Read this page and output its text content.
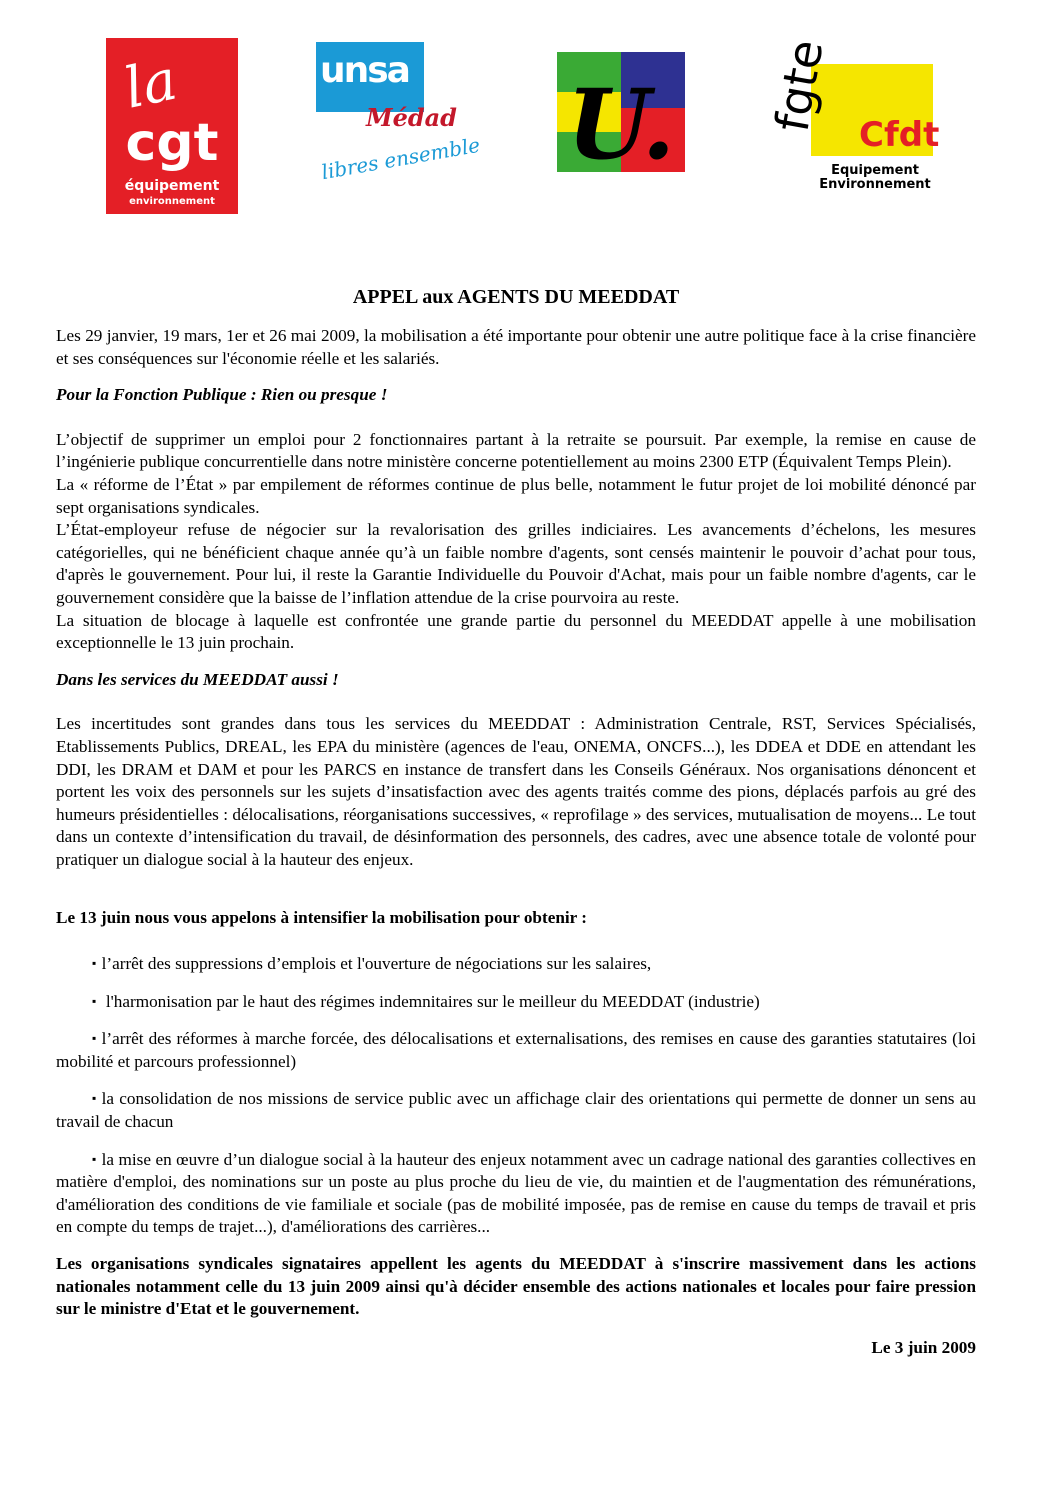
la
cgt
équipement
environnement
unsa
Médad
libres ensemble U. fgte Cfdt
Equipement
Environnement
APPEL aux AGENTS DU MEEDDAT

Les 29 janvier, 19 mars, 1er et 26 mai 2009, la mobilisation a été importante pour obtenir une autre politique face à la crise financière et ses conséquences sur l'économie réelle et les salariés.

Pour la Fonction Publique : Rien ou presque !

L’objectif de supprimer un emploi pour 2 fonctionnaires partant à la retraite se poursuit. Par exemple, la remise en cause de l’ingénierie publique concurrentielle dans notre ministère concerne potentiellement au moins 2300 ETP (Équivalent Temps Plein).

La « réforme de l’État » par empilement de réformes continue de plus belle, notamment le futur projet de loi mobilité dénoncé par sept organisations syndicales.

L’État-employeur refuse de négocier sur la revalorisation des grilles indiciaires. Les avancements d’échelons, les mesures catégorielles, qui ne bénéficient chaque année qu’à un faible nombre d'agents, sont censés maintenir le pouvoir d’achat pour tous, d'après le gouvernement. Pour lui, il reste la Garantie Individuelle du Pouvoir d'Achat, mais pour un faible nombre d'agents, car le gouvernement considère que la baisse de l’inflation attendue de la crise pourvoira au reste.

La situation de blocage à laquelle est confrontée une grande partie du personnel du MEEDDAT appelle à une mobilisation exceptionnelle le 13 juin prochain.

Dans les services du MEEDDAT aussi !

Les incertitudes sont grandes dans tous les services du MEEDDAT : Administration Centrale, RST, Services Spécialisés, Etablissements Publics, DREAL, les EPA du ministère (agences de l'eau, ONEMA, ONCFS...), les DDEA et DDE en attendant les DDI, les DRAM et DAM et pour les PARCS en instance de transfert dans les Conseils Généraux. Nos organisations dénoncent et portent les voix des personnels sur les sujets d’insatisfaction avec des agents traités comme des pions, déplacés parfois au gré des humeurs présidentielles : délocalisations, réorganisations successives, « reprofilage » des services, mutualisation de moyens... Le tout dans un contexte d’intensification du travail, de désinformation des personnels, des cadres, avec une absence totale de volonté pour pratiquer un dialogue social à la hauteur des enjeux.

Le 13 juin nous vous appelons à intensifier la mobilisation pour obtenir :

▪ l’arrêt des suppressions d’emplois et l'ouverture de négociations sur les salaires,
▪ l'harmonisation par le haut des régimes indemnitaires sur le meilleur du MEEDDAT (industrie)
▪ l’arrêt des réformes à marche forcée, des délocalisations et externalisations, des remises en cause des garanties statutaires (loi mobilité et parcours professionnel)
▪ la consolidation de nos missions de service public avec un affichage clair des orientations qui permette de donner un sens au travail de chacun
▪ la mise en œuvre d’un dialogue social à la hauteur des enjeux notamment avec un cadrage national des garanties collectives en matière d'emploi, des nominations sur un poste au plus proche du lieu de vie, du maintien et de l'augmentation des rémunérations, d'amélioration des conditions de vie familiale et sociale (pas de mobilité imposée, pas de remise en cause du temps de travail et pris en compte du temps de trajet...), d'améliorations des carrières...

Les organisations syndicales signataires appellent les agents du MEEDDAT à s'inscrire massivement dans les actions nationales notamment celle du 13 juin 2009 ainsi qu'à décider ensemble des actions nationales et locales pour faire pression sur le ministre d'Etat et le gouvernement.

Le 3 juin 2009
